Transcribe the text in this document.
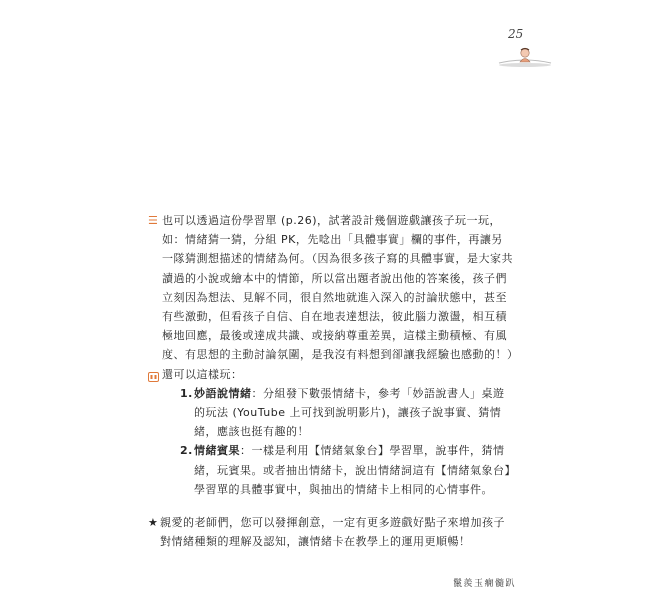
25
☰ 也可以透過這份學習單 (p.26)，試著設計幾個遊戲讓孩子玩一玩，如：情緒猜一猜，分組 PK，先唸出「具體事實」欄的事件，再讓另一隊猜測想描述的情緒為何。（因為很多孩子寫的具體事實，是大家共讀過的小說或繪本中的情節，所以當出題者說出他的答案後，孩子們立刻因為想法、見解不同，很自然地就進入深入的討論狀態中，甚至有些激動，但看孩子自信、自在地表達想法，彼此腦力激盪，相互積極地回應，最後或達成共識、或接納尊重差異，這樣主動積極、有風度、有思想的主動討論氛圍，是我沒有料想到卻讓我經驗也感動的！）
還可以這樣玩：
1. 妙語說情緒：分組發下數張情緒卡，參考「妙語說書人」桌遊的玩法 (YouTube 上可找到說明影片)，讓孩子說事實、猜情緒，應該也挺有趣的！
2. 情緒賓果：一樣是利用【情緒氣象台】學習單，說事件，猜情緒，玩賓果。或者抽出情緒卡，說出情緒詞這有【情緒氣象台】學習單的具體事實中，與抽出的情緒卡上相同的心情事件。
★ 親愛的老師們，您可以發揮創意，一定有更多遊戲好點子來增加孩子對情緒種類的理解及認知，讓情緒卡在教學上的運用更順暢！
鬣羨玉癇髓趴
